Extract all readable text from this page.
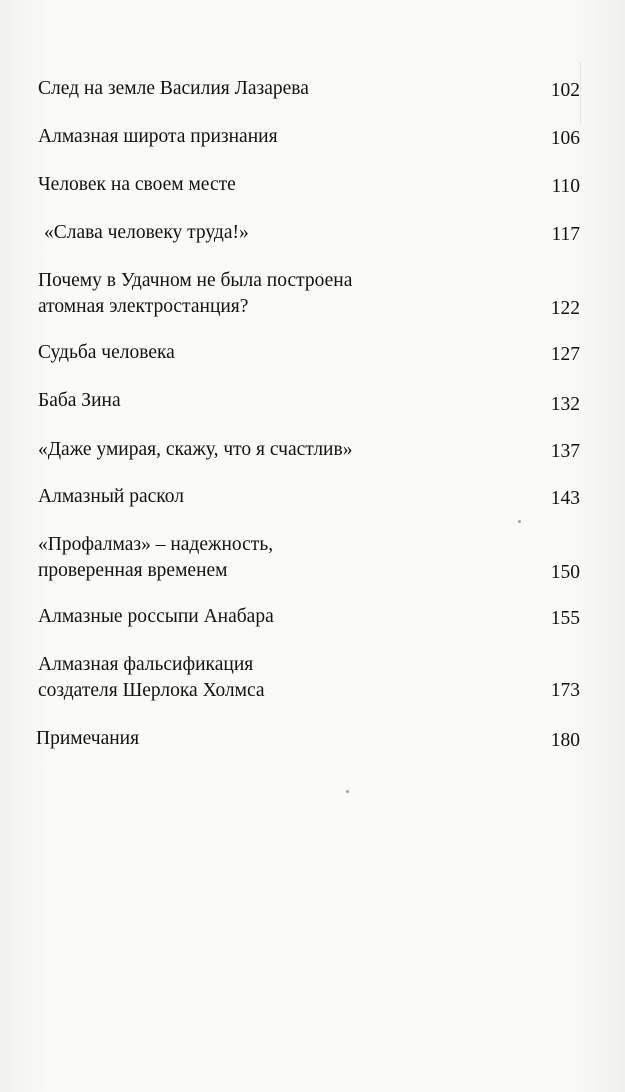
След на земле Василия Лазарева	102
Алмазная широта признания	106
Человек на своем месте	110
«Слава человеку труда!»	117
Почему в Удачном не была построена
атомная электростанция?	122
Судьба человека	127
Баба Зина	132
«Даже умирая, скажу, что я счастлив»	137
Алмазный раскол	143
«Профалмаз» – надежность,
проверенная временем	150
Алмазные россыпи Анабара	155
Алмазная фальсификация
создателя Шерлока Холмса	173
Примечания	180
